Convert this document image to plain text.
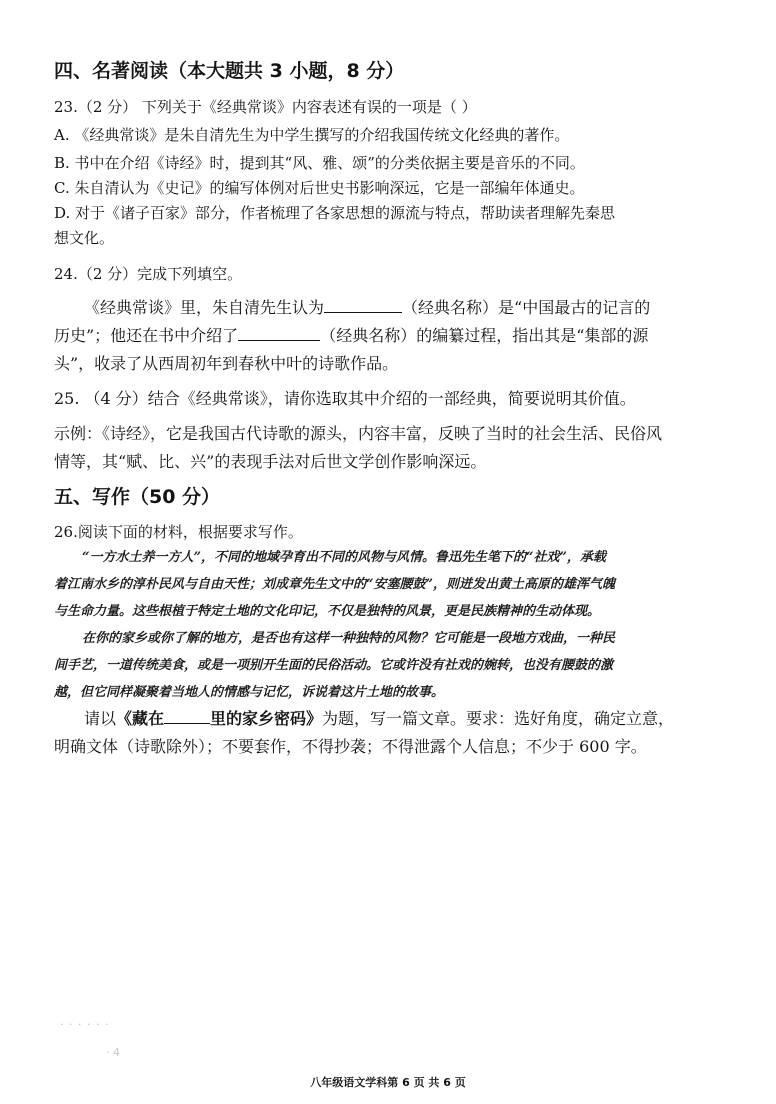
四、名著阅读（本大题共 3 小题，8 分）
23.（2 分） 下列关于《经典常谈》内容表述有误的一项是（ ）
A. 《经典常谈》是朱自清先生为中学生撰写的介绍我国传统文化经典的著作。
B. 书中在介绍《诗经》时，提到其“风、雅、颂”的分类依据主要是音乐的不同。
C. 朱自清认为《史记》的编写体例对后世史书影响深远，它是一部编年体通史。
D. 对于《诸子百家》部分，作者梳理了各家思想的源流与特点，帮助读者理解先秦思
想文化。
24.（2 分）完成下列填空。
《经典常谈》里，朱自清先生认为	（经典名称）是“中国最古的记言的
历史”；他还在书中介绍了	（经典名称）的编纂过程，指出其是“集部的源
头”，收录了从西周初年到春秋中叶的诗歌作品。
25. （4 分）结合《经典常谈》，请你选取其中介绍的一部经典，简要说明其价值。
示例：《诗经》，它是我国古代诗歌的源头，内容丰富，反映了当时的社会生活、民俗风
情等，其“赋、比、兴”的表现手法对后世文学创作影响深远。
五、写作（50 分）
26.阅读下面的材料，根据要求写作。
“一方水土养一方人”，不同的地域孕育出不同的风物与风情。鲁迅先生笔下的“社戏”，承载
着江南水乡的淳朴民风与自由天性；刘成章先生文中的“安塞腰鼓”，则迸发出黄土高原的雄浑气魄
与生命力量。这些根植于特定土地的文化印记，不仅是独特的风景，更是民族精神的生动体现。
在你的家乡或你了解的地方，是否也有这样一种独特的风物？它可能是一段地方戏曲，一种民
间手艺，一道传统美食，或是一项别开生面的民俗活动。它或许没有社戏的婉转，也没有腰鼓的激
越，但它同样凝聚着当地人的情感与记忆，诉说着这片土地的故事。
请以《藏在	里的家乡密码》为题，写一篇文章。要求：选好角度，确定立意，
明确文体（诗歌除外）；不要套作，不得抄袭；不得泄露个人信息；不少于 600 字。
· · · · · ·
· 4
八年级语文学科第 6 页 共 6 页
